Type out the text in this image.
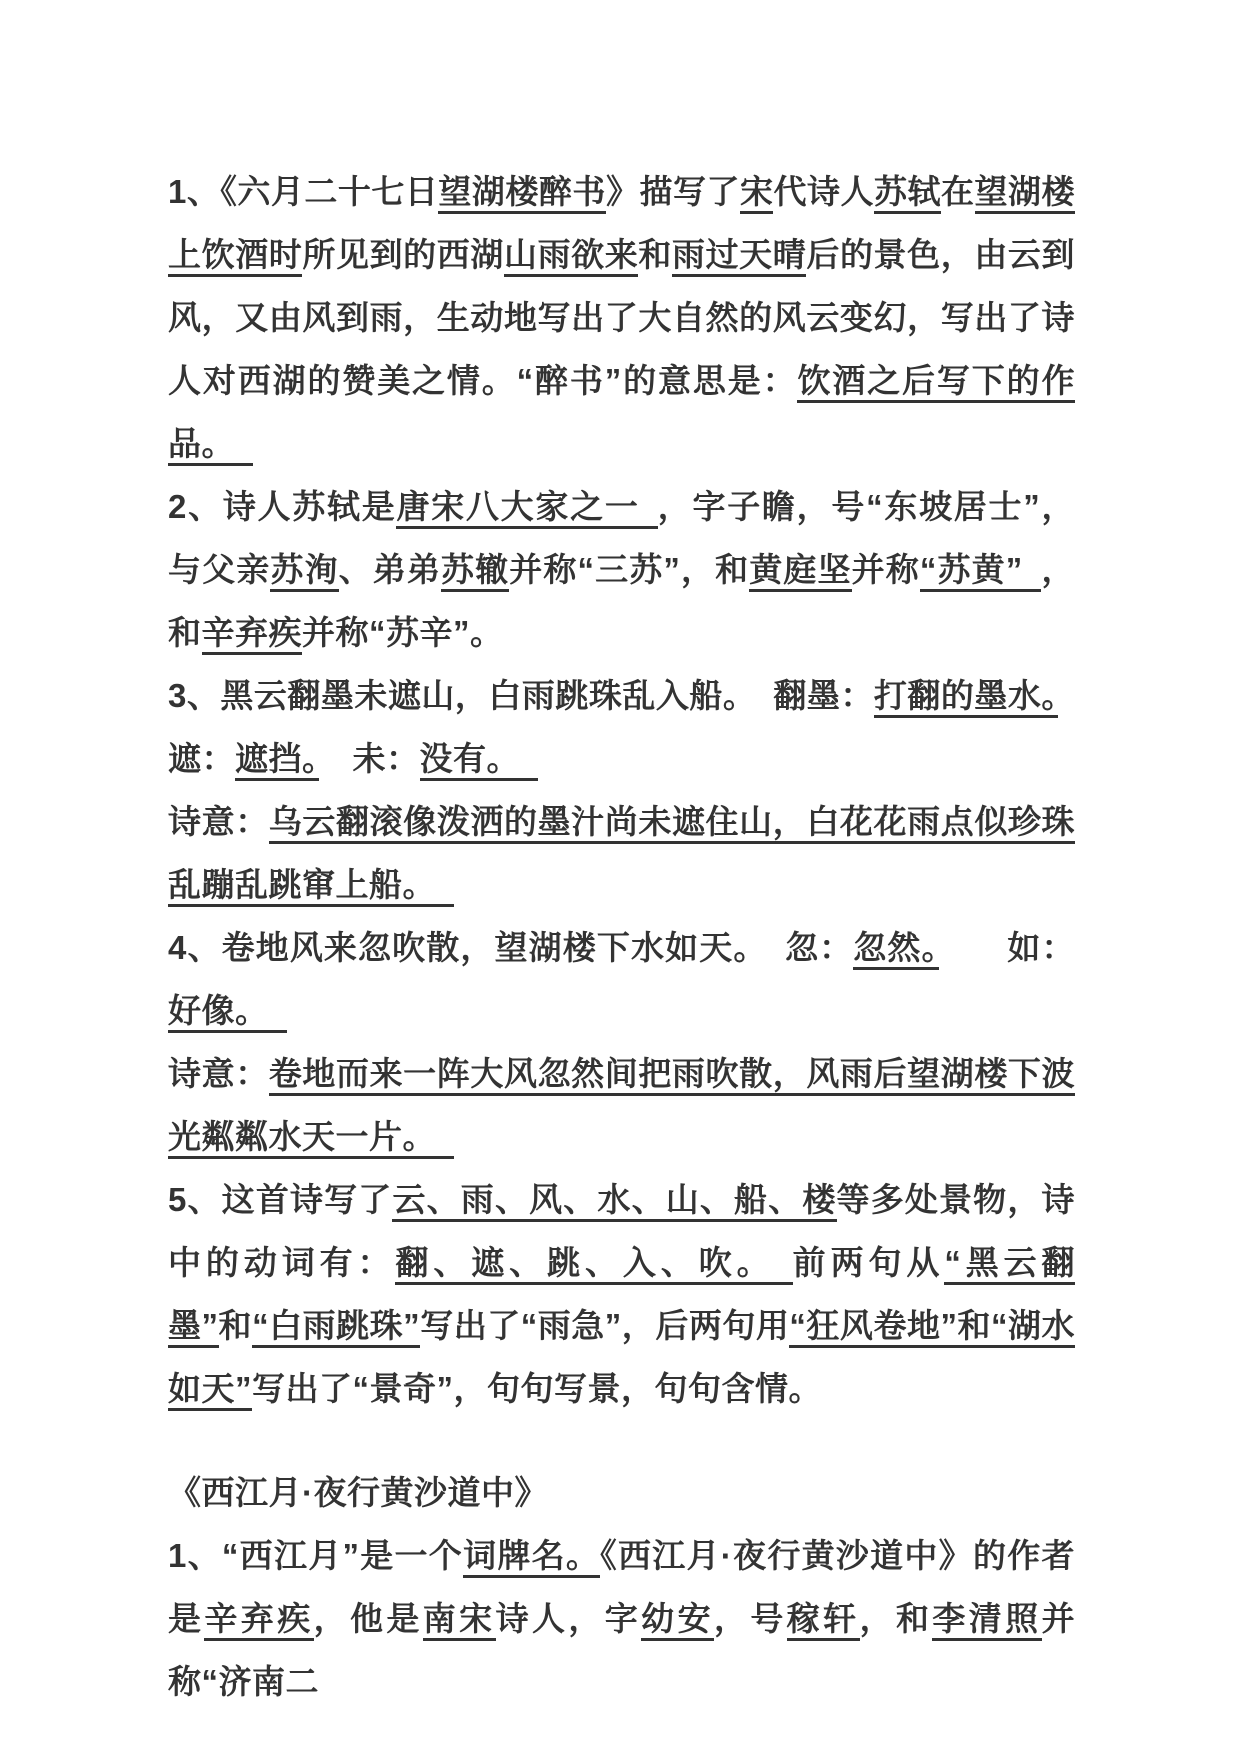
1、《六月二十七日望湖楼醉书》描写了宋代诗人苏轼在望湖楼上饮酒时所见到的西湖山雨欲来和雨过天晴后的景色，由云到风，又由风到雨，生动地写出了大自然的风云变幻，写出了诗人对西湖的赞美之情。“醉书”的意思是：饮酒之后写下的作品。
2、诗人苏轼是唐宋八大家之一 ，字子瞻，号“东坡居士”，与父亲苏洵、弟弟苏辙并称“三苏”，和黄庭坚并称“苏黄” ，和辛弃疾并称“苏辛”。
3、黑云翻墨未遮山，白雨跳珠乱入船。　翻墨：打翻的墨水。　 遮：遮挡。　未：没有。
诗意：乌云翻滚像泼洒的墨汁尚未遮住山，白花花雨点似珍珠乱蹦乱跳窜上船。
4、卷地风来忽吹散，望湖楼下水如天。　忽：忽然。　　如：好像。
诗意：卷地而来一阵大风忽然间把雨吹散，风雨后望湖楼下波光粼粼水天一片。
5、这首诗写了云、雨、风、水、山、船、楼等多处景物，诗中的动词有：翻、遮、跳、入、吹。 前两句从“黑云翻墨”和“白雨跳珠”写出了“雨急”，后两句用“狂风卷地”和“湖水如天”写出了“景奇”，句句写景，句句含情。
《西江月·夜行黄沙道中》
1、“西江月”是一个词牌名。《西江月·夜行黄沙道中》的作者是辛弃疾，他是南宋诗人，字幼安，号稼轩，和李清照并称“济南二
